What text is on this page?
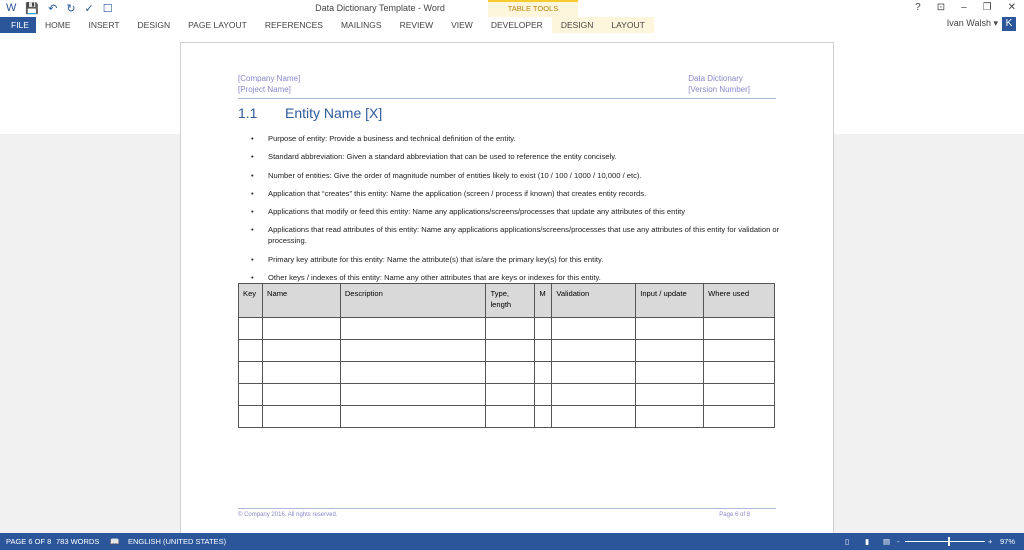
W 💾 ↶ ↻ ✓ ☐	Data Dictionary Template - Word	TABLE TOOLS	? ⊡ – ❐ ✕
FILE	HOME	INSERT	DESIGN	PAGE LAYOUT	REFERENCES	MAILINGS	REVIEW	VIEW	DEVELOPER	DESIGN	LAYOUT	Ivan Walsh ▾ K
[Company Name]
[Project Name]
Data Dictionary
[Version Number]
1.1 Entity Name [X]
• Purpose of entity: Provide a business and technical definition of the entity.
• Standard abbreviation: Given a standard abbreviation that can be used to reference the entity concisely.
• Number of entities: Give the order of magnitude number of entities likely to exist (10 / 100 / 1000 / 10,000 / etc).
• Application that “creates” this entity: Name the application (screen / process if known) that creates entity records.
• Applications that modify or feed this entity: Name any applications/screens/processes that update any attributes of this entity
• Applications that read attributes of this entity: Name any applications applications/screens/processes that use any attributes of this entity for validation or processing.
• Primary key attribute for this entity: Name the attribute(s) that is/are the primary key(s) for this entity.
• Other keys / indexes of this entity: Name any other attributes that are keys or indexes for this entity.
Key	Name	Description	Type, length	M	Validation	Input / update	Where used

© Company 2016. All rights reserved.	Page 6 of 8
PAGE 6 OF 8 783 WORDS 📖 ENGLISH (UNITED STATES)	▯ ▮ ▤ -	+ 97%
